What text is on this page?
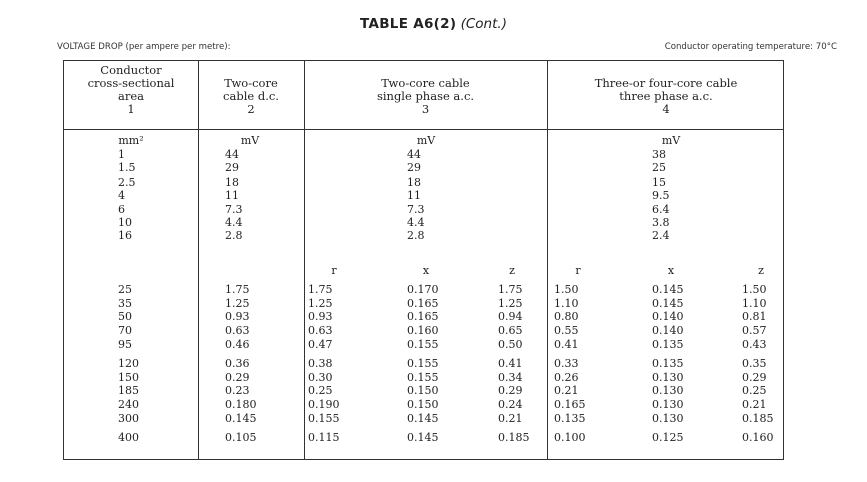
TABLE A6(2) (Cont.)
VOLTAGE DROP (per ampere per metre):	Conductor operating temperature: 70°C
Conductor
cross-sectional
area
1
Two-core
cable d.c.
2
Two-core cable
single phase a.c.
3
Three-or four-core cable
three phase a.c.
4
mm²	mV	mV	mV
1	44	44	38
1.5	29	29	25
2.5	18	18	15
4	11	11	9.5
6	7.3	7.3	6.4
10	4.4	4.4	3.8
16	2.8	2.8	2.4
r	x	z	r	x	z
25	1.75	1.75	0.170	1.75	1.50	0.145	1.50
35	1.25	1.25	0.165	1.25	1.10	0.145	1.10
50	0.93	0.93	0.165	0.94	0.80	0.140	0.81
70	0.63	0.63	0.160	0.65	0.55	0.140	0.57
95	0.46	0.47	0.155	0.50	0.41	0.135	0.43
120	0.36	0.38	0.155	0.41	0.33	0.135	0.35
150	0.29	0.30	0.155	0.34	0.26	0.130	0.29
185	0.23	0.25	0.150	0.29	0.21	0.130	0.25
240	0.180	0.190	0.150	0.24	0.165	0.130	0.21
300	0.145	0.155	0.145	0.21	0.135	0.130	0.185
400	0.105	0.115	0.145	0.185 0.100	0.125	0.160
